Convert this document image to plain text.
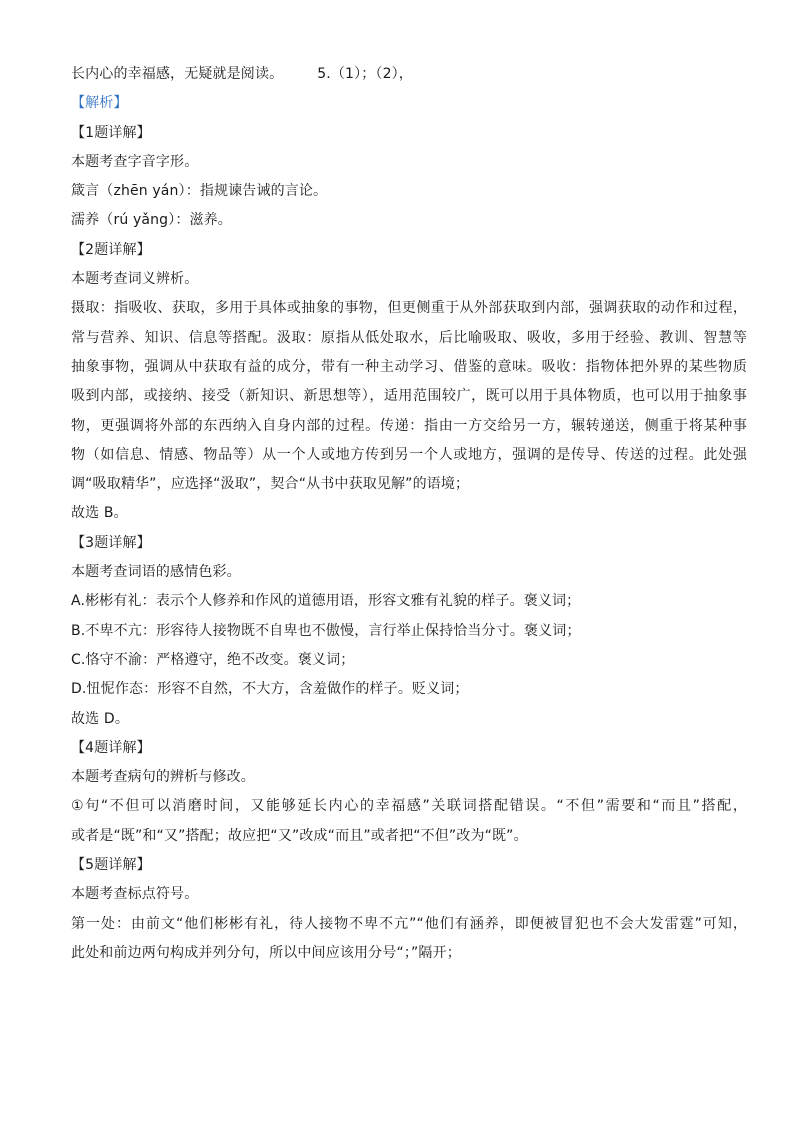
长内心的幸福感，无疑就是阅读。 5.（1）；（2），
【解析】
【1题详解】
本题考查字音字形。
箴言（zhēn yán）：指规谏告诫的言论。
濡养（rú yǎng）：滋养。
【2题详解】
本题考查词义辨析。
摄取：指吸收、获取，多用于具体或抽象的事物，但更侧重于从外部获取到内部，强调获取的动作和过程，
常与营养、知识、信息等搭配。汲取：原指从低处取水，后比喻吸取、吸收，多用于经验、教训、智慧等
抽象事物，强调从中获取有益的成分，带有一种主动学习、借鉴的意味。吸收：指物体把外界的某些物质
吸到内部，或接纳、接受（新知识、新思想等），适用范围较广，既可以用于具体物质，也可以用于抽象事
物，更强调将外部的东西纳入自身内部的过程。传递：指由一方交给另一方，辗转递送，侧重于将某种事
物（如信息、情感、物品等）从一个人或地方传到另一个人或地方，强调的是传导、传送的过程。此处强
调“吸取精华”，应选择“汲取”，契合“从书中获取见解”的语境；
故选 B。
【3题详解】
本题考查词语的感情色彩。
A.彬彬有礼：表示个人修养和作风的道德用语，形容文雅有礼貌的样子。褒义词；
B.不卑不亢：形容待人接物既不自卑也不傲慢，言行举止保持恰当分寸。褒义词；
C.恪守不渝：严格遵守，绝不改变。褒义词；
D.忸怩作态：形容不自然，不大方，含羞做作的样子。贬义词；
故选 D。
【4题详解】
本题考查病句的辨析与修改。
①句“不但可以消磨时间，又能够延长内心的幸福感”关联词搭配错误。“不但”需要和“而且”搭配，
或者是“既”和“又”搭配；故应把“又”改成“而且”或者把“不但”改为“既”。
【5题详解】
本题考查标点符号。
第一处：由前文“他们彬彬有礼，待人接物不卑不亢”“他们有涵养，即便被冒犯也不会大发雷霆”可知，
此处和前边两句构成并列分句，所以中间应该用分号“；”隔开；
